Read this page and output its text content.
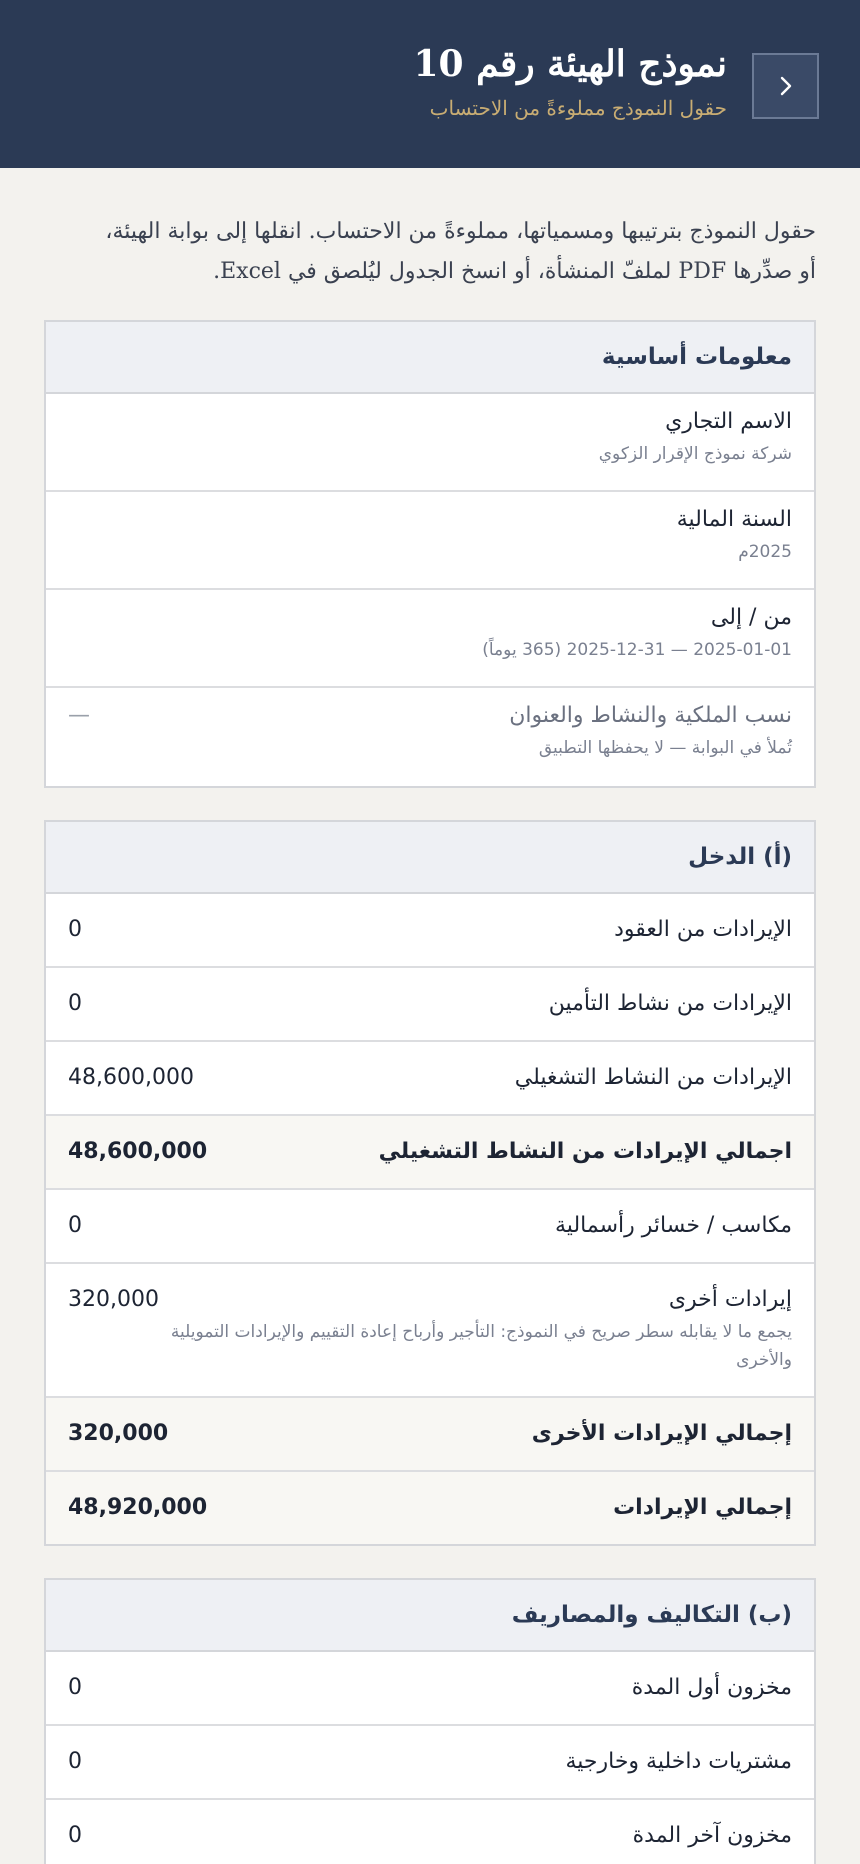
نموذج الهيئة رقم 10
حقول النموذج مملوءةً من الاحتساب
حقول النموذج بترتيبها ومسمياتها، مملوءةً من الاحتساب. انقلها إلى بوابة الهيئة،
أو صدِّرها PDF لملفّ المنشأة، أو انسخ الجدول ليُلصق في Excel.
معلومات أساسية
الاسم التجاري
شركة نموذج الإقرار الزكوي
السنة المالية
2025م
من / إلى
2025-01-01 — 2025-12-31 (365 يوماً)
نسب الملكية والنشاط والعنوان
تُملأ في البوابة — لا يحفظها التطبيق
—
(أ) الدخل
الإيرادات من العقود
0
الإيرادات من نشاط التأمين
0
الإيرادات من النشاط التشغيلي
48,600,000
اجمالي الإيرادات من النشاط التشغيلي
48,600,000
مكاسب / خسائر رأسمالية
0
إيرادات أخرى
يجمع ما لا يقابله سطر صريح في النموذج: التأجير وأرباح إعادة التقييم والإيرادات التمويلية والأخرى
320,000
إجمالي الإيرادات الأخرى
320,000
إجمالي الإيرادات
48,920,000
(ب) التكاليف والمصاريف
مخزون أول المدة
0
مشتريات داخلية وخارجية
0
مخزون آخر المدة
0
